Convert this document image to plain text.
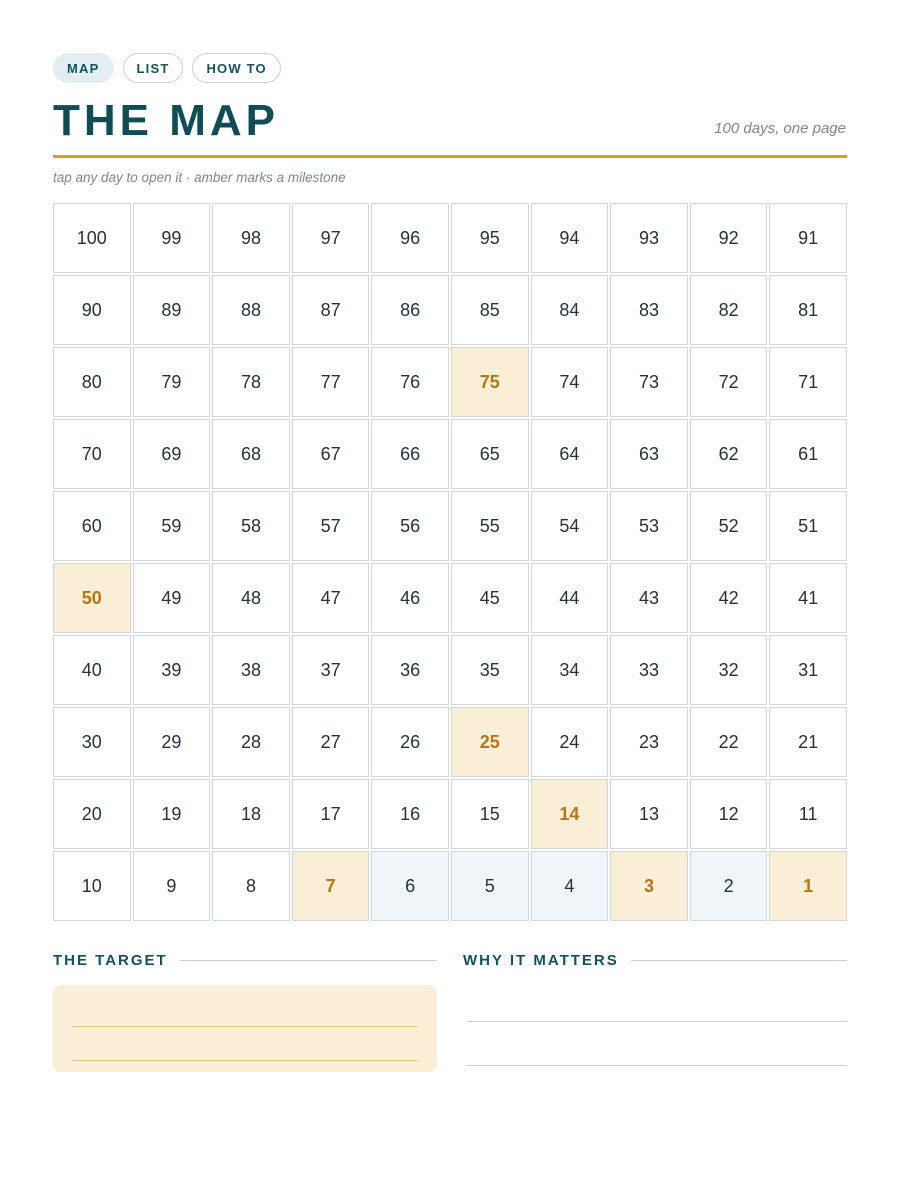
MAP	LIST	HOW TO
THE MAP	100 days, one page
tap any day to open it · amber marks a milestone
100	99	98	97	96	95	94	93	92	91
90	89	88	87	86	85	84	83	82	81
80	79	78	77	76	75	74	73	72	71
70	69	68	67	66	65	64	63	62	61
60	59	58	57	56	55	54	53	52	51
50	49	48	47	46	45	44	43	42	41
40	39	38	37	36	35	34	33	32	31
30	29	28	27	26	25	24	23	22	21
20	19	18	17	16	15	14	13	12	11
10	9	8	7	6	5	4	3	2	1
THE TARGET	WHY IT MATTERS
